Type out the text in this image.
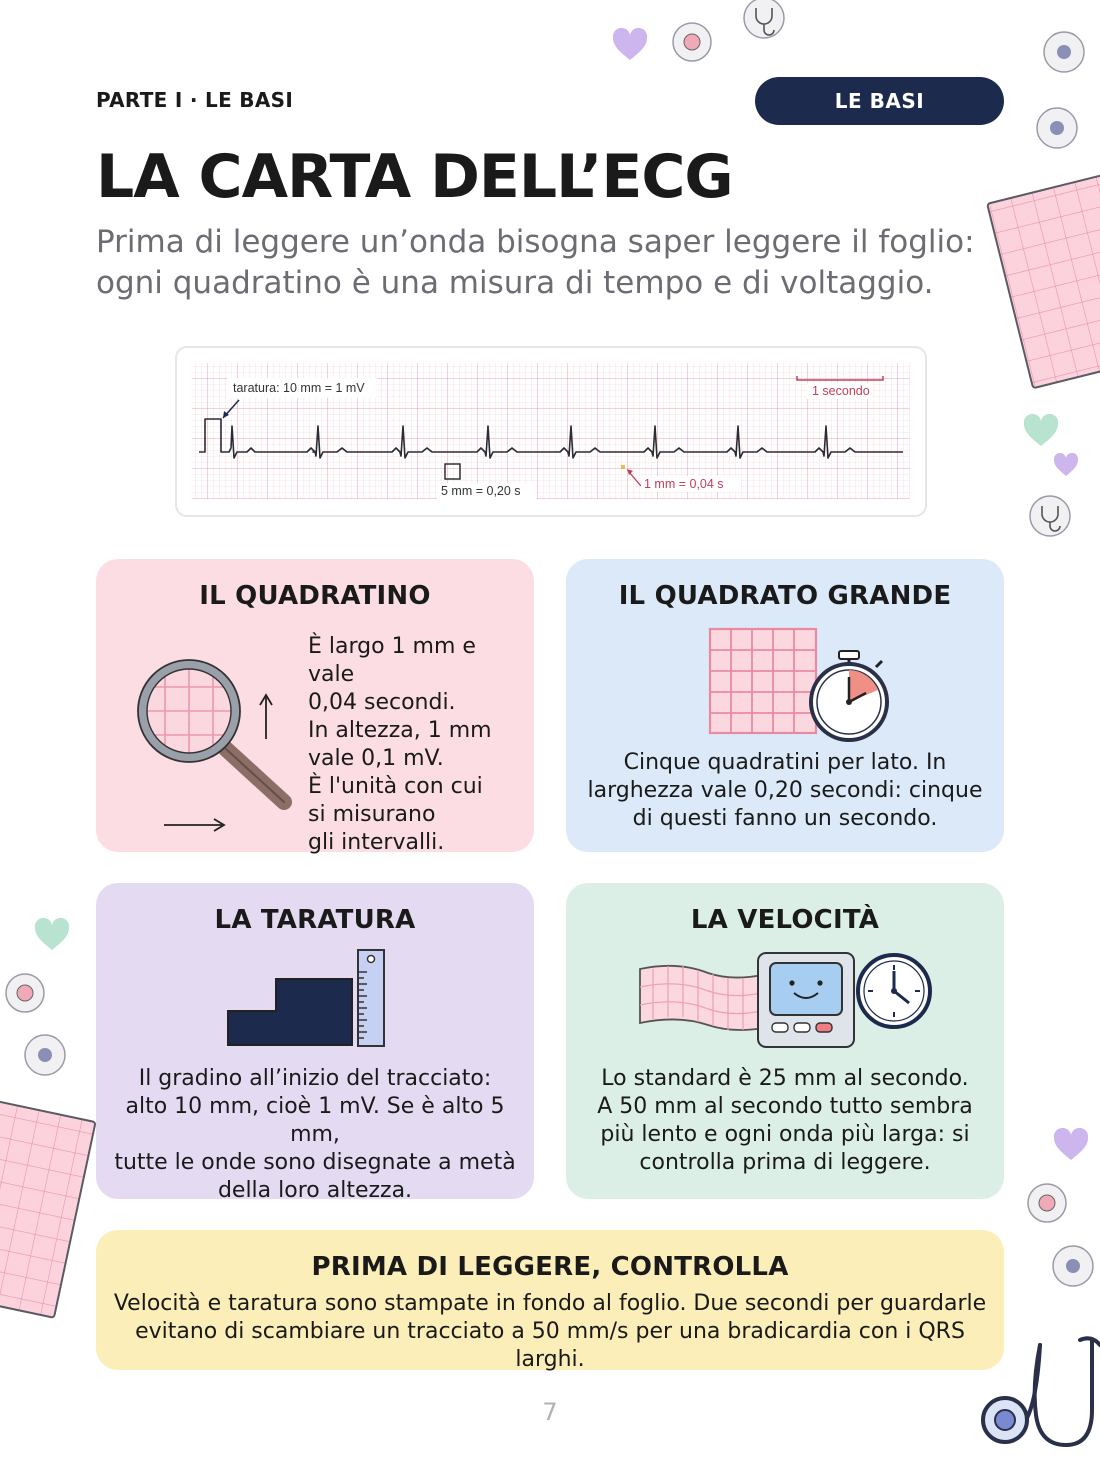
PARTE I · LE BASI	LE BASI
LA CARTA DELL’ECG
Prima di leggere un’onda bisogna saper leggere il foglio:
ogni quadratino è una misura di tempo e di voltaggio.
taratura: 10 mm = 1 mV	1 secondo
5 mm = 0,20 s	1 mm = 0,04 s
IL QUADRATINO
È largo 1 mm e vale
0,04 secondi.
In altezza, 1 mm
vale 0,1 mV.
È l'unità con cui
si misurano
gli intervalli.
IL QUADRATO GRANDE
Cinque quadratini per lato. In
larghezza vale 0,20 secondi: cinque
di questi fanno un secondo.
LA TARATURA
Il gradino all’inizio del tracciato:
alto 10 mm, cioè 1 mV. Se è alto 5 mm,
tutte le onde sono disegnate a metà
della loro altezza.
LA VELOCITÀ
Lo standard è 25 mm al secondo.
A 50 mm al secondo tutto sembra
più lento e ogni onda più larga: si
controlla prima di leggere.
PRIMA DI LEGGERE, CONTROLLA
Velocità e taratura sono stampate in fondo al foglio. Due secondi per guardarle
evitano di scambiare un tracciato a 50 mm/s per una bradicardia con i QRS larghi.
7
